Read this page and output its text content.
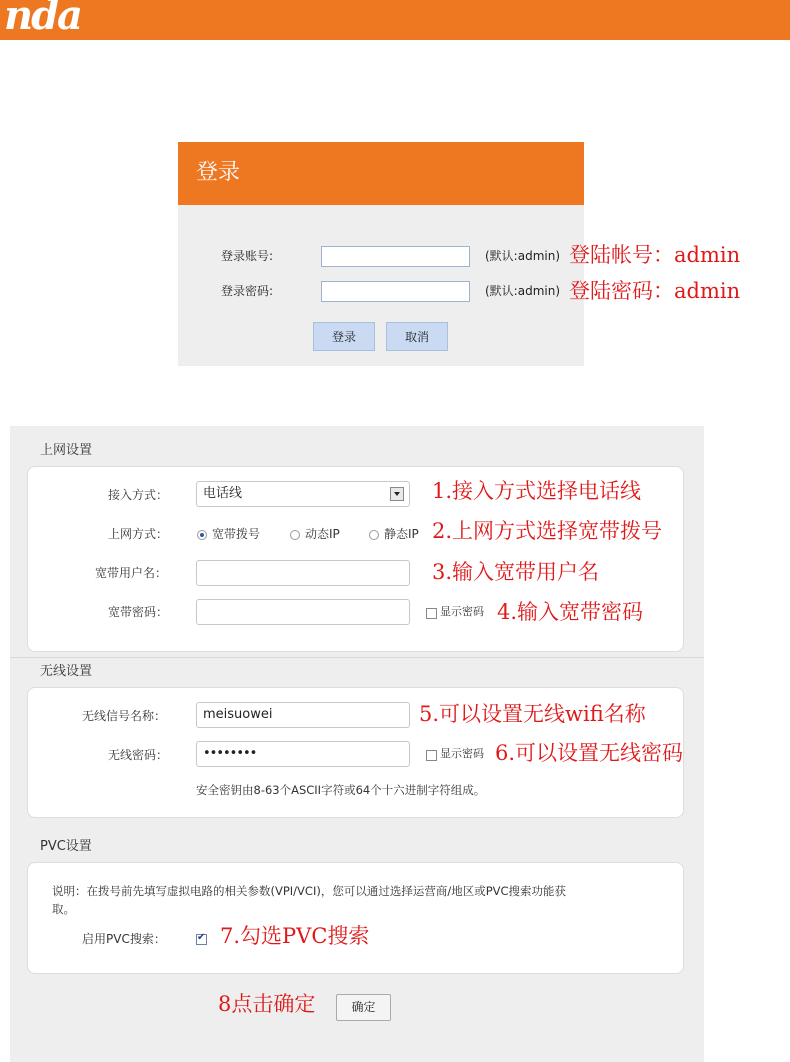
nda
登录
登录账号:	(默认:admin)
登录密码:	(默认:admin)
登录	取消
登陆帐号：admin
登陆密码：admin
上网设置
接入方式：	电话线
上网方式：	宽带拨号	动态IP	静态IP
宽带用户名：
宽带密码：	显示密码
无线设置
无线信号名称：	meisuowei
无线密码：	••••••••	显示密码
安全密钥由8-63个ASCII字符或64个十六进制字符组成。
PVC设置
说明：在拨号前先填写虚拟电路的相关参数(VPI/VCI)，您可以通过选择运营商/地区或PVC搜索功能获
取。
启用PVC搜索：
✔
确定
1.接入方式选择电话线
2.上网方式选择宽带拨号
3.输入宽带用户名
4.输入宽带密码
5.可以设置无线wifi名称
6.可以设置无线密码
7.勾选PVC搜索
8点击确定
